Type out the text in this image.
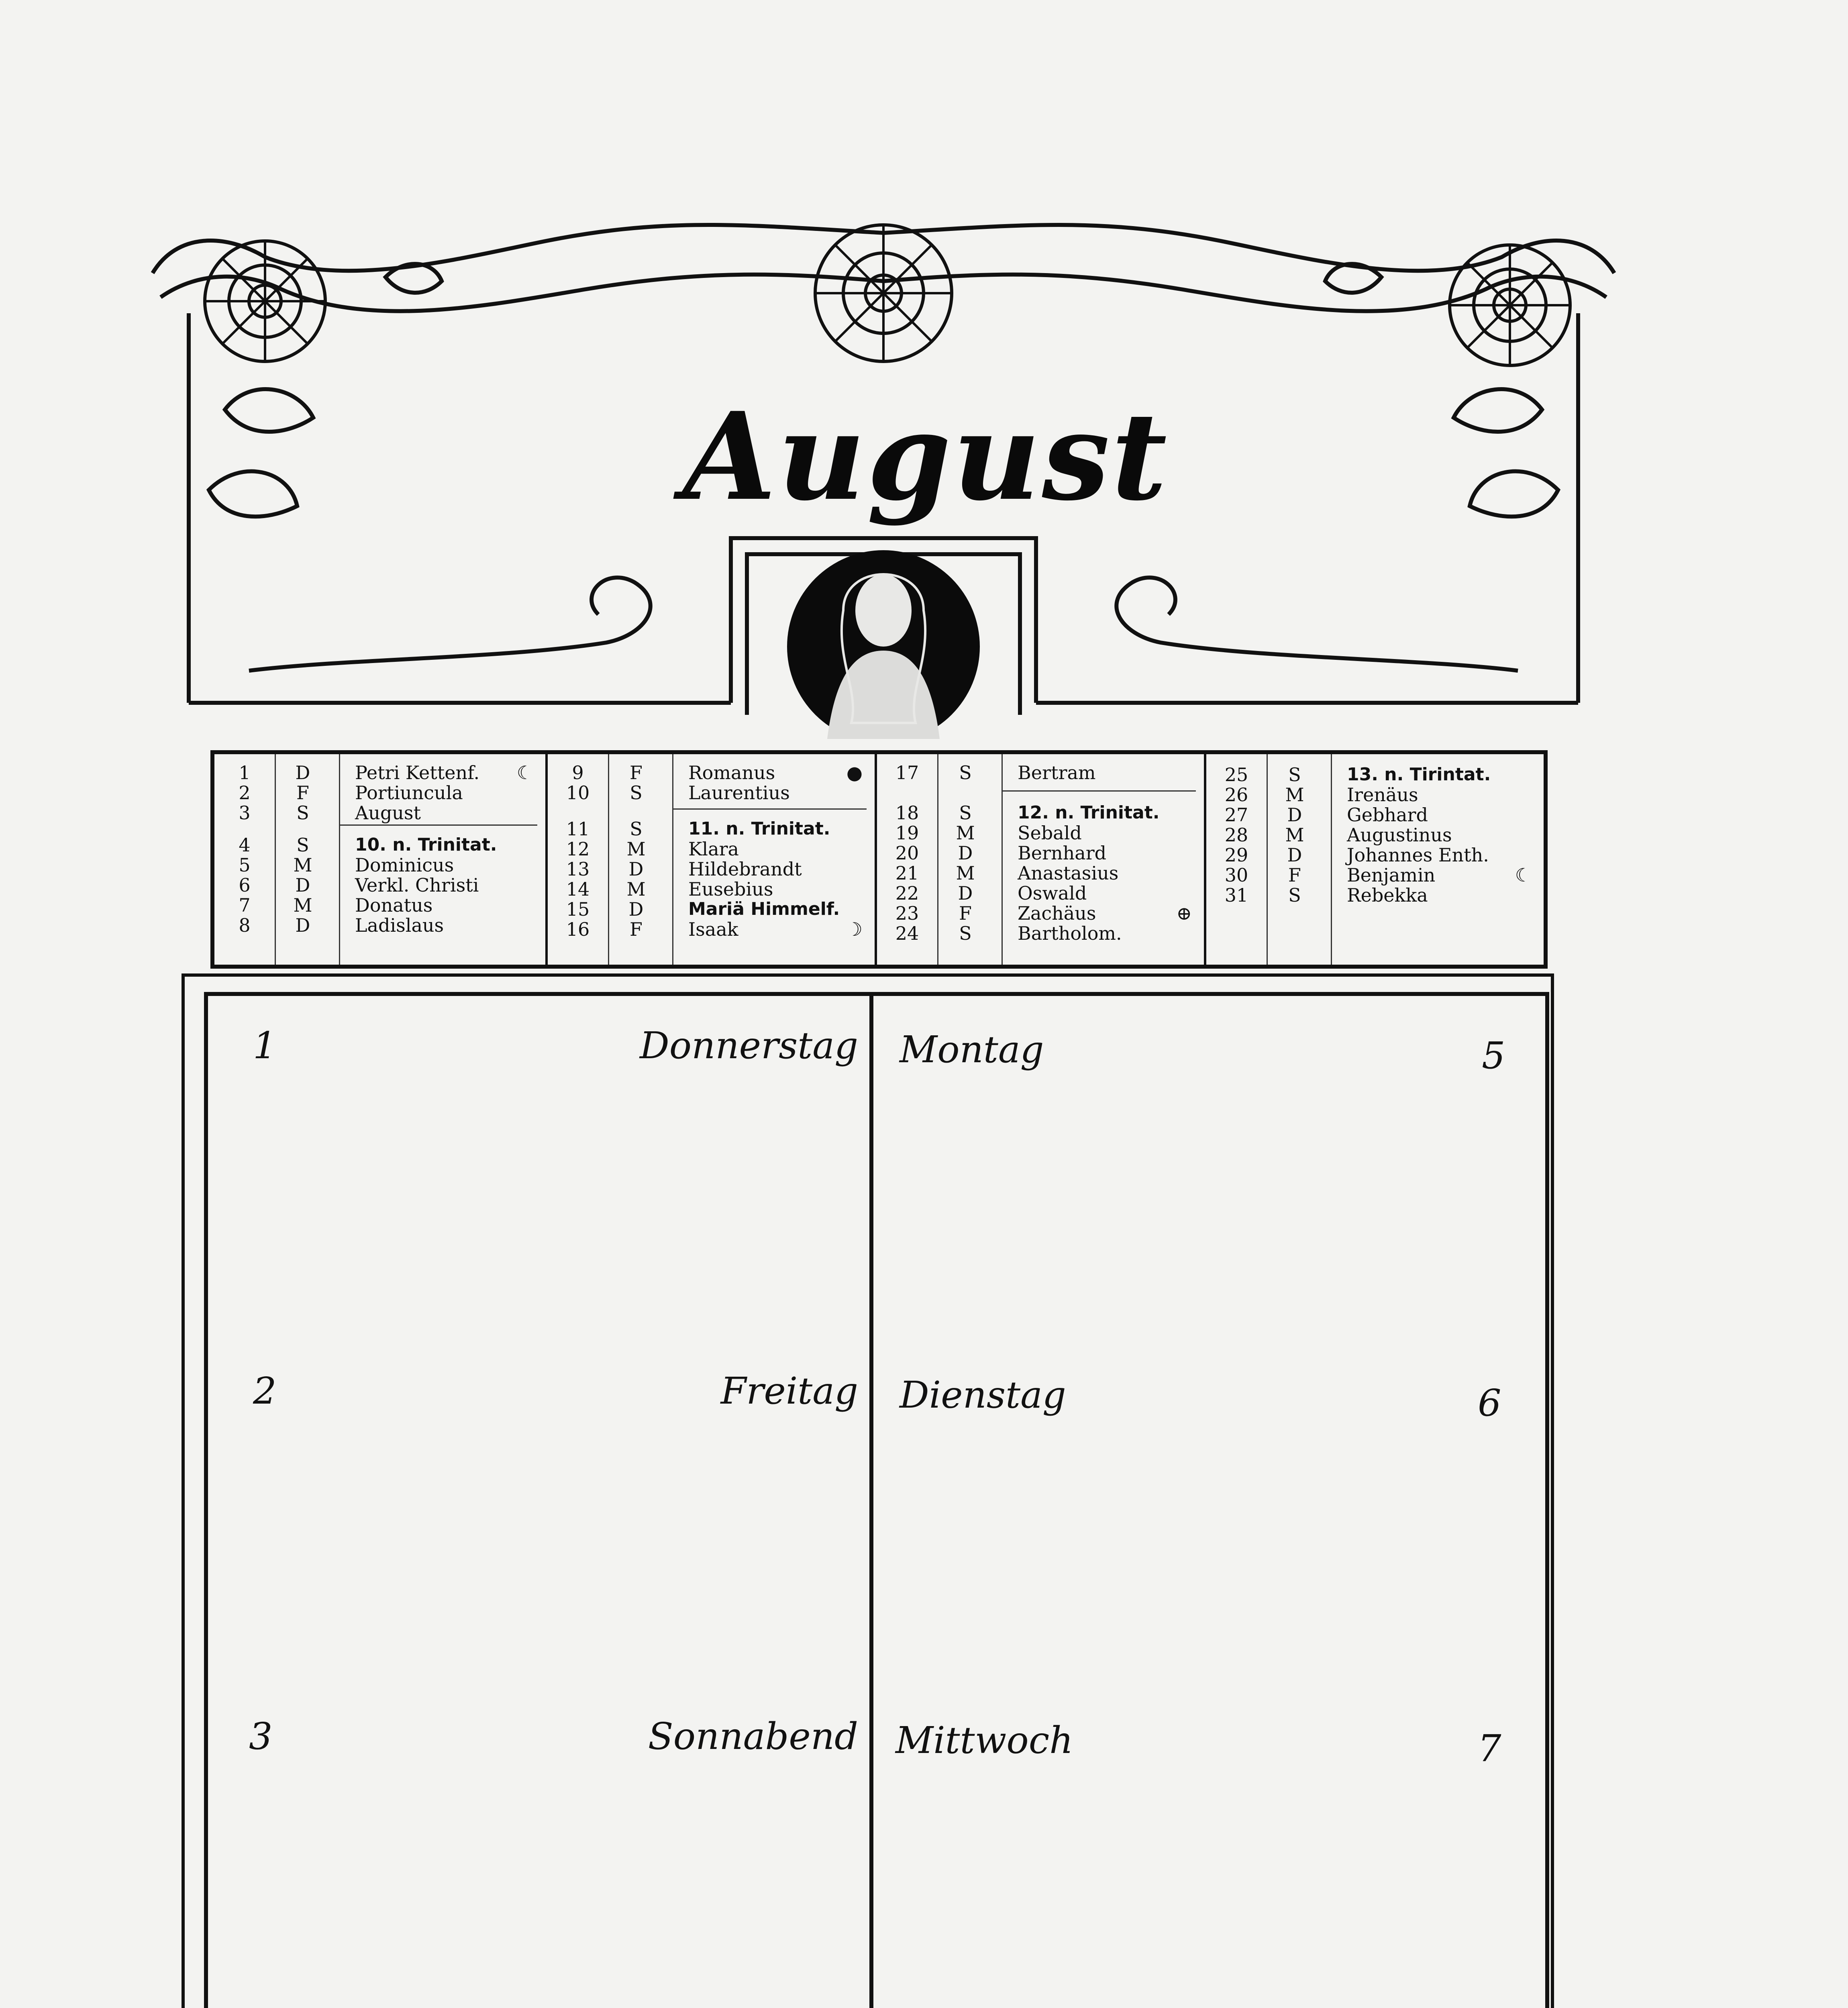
August
1	D	Petri Kettenf. ☾
2	F	Portiuncula
3	S	August
4	S	10. n. Trinitat.
5	M	Dominicus
6	D	Verkl. Christi
7	M	Donatus
8	D	Ladislaus
9	F	Romanus	●
10	S	Laurentius
11	S	11. n. Trinitat.
12	M	Klara
13	D	Hildebrandt
14	M	Eusebius
15	D	Mariä Himmelf.
16	F	Isaak	☽
17	S	Bertram
18	S	12. n. Trinitat.
19	M	Sebald
20	D	Bernhard
21	M	Anastasius
22	D	Oswald
23	F	Zachäus	⊕
24	S	Bartholom.
25	S	13. n. Tirintat.
26	M	Irenäus
27	D	Gebhard
28	M	Augustinus
29	D	Johannes Enth.
30	F	Benjamin	☾
31	S	Rebekka
1	Donnerstag
2	Freitag
3	Sonnabend
Montag	5
Dienstag	6
Mittwoch	7
